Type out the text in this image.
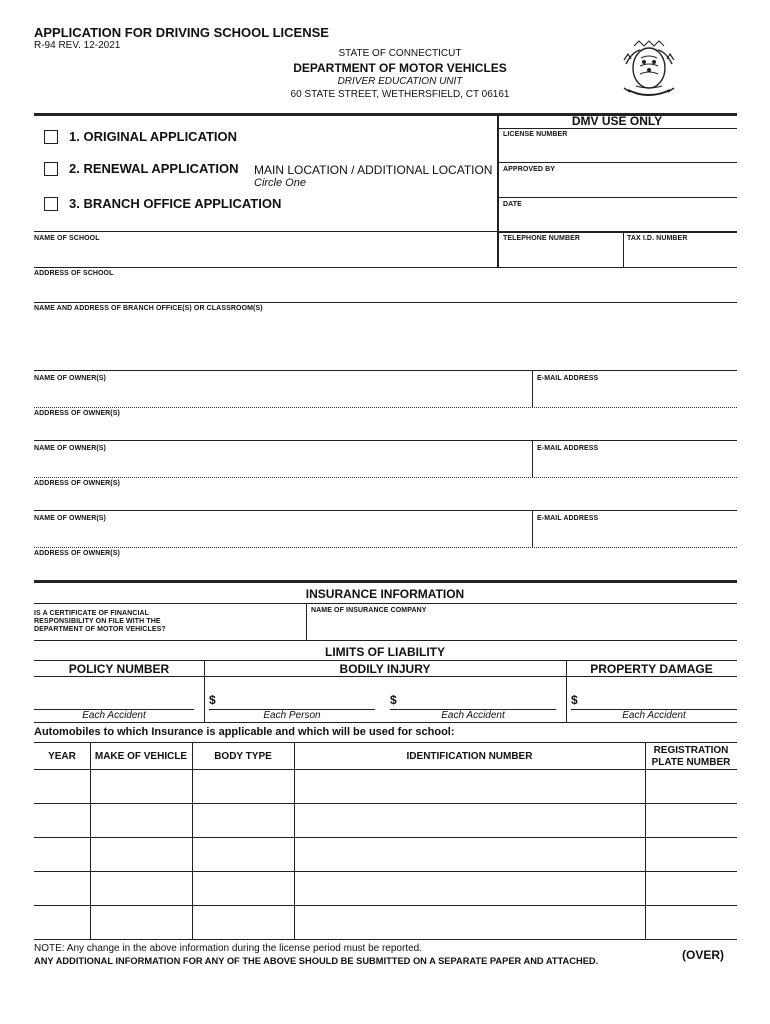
APPLICATION FOR DRIVING SCHOOL LICENSE
R-94 REV. 12-2021
STATE OF CONNECTICUT
DEPARTMENT OF MOTOR VEHICLES
DRIVER EDUCATION UNIT
60 STATE STREET, WETHERSFIELD, CT 06161
1. ORIGINAL APPLICATION
2. RENEWAL APPLICATION MAIN LOCATION / ADDITIONAL LOCATION
Circle One
3. BRANCH OFFICE APPLICATION
DMV USE ONLY
LICENSE NUMBER
APPROVED BY
DATE
NAME OF SCHOOL	TELEPHONE NUMBER	TAX I.D. NUMBER
ADDRESS OF SCHOOL
NAME AND ADDRESS OF BRANCH OFFICE(S) OR CLASSROOM(S)
NAME OF OWNER(S)	E-MAIL ADDRESS
ADDRESS OF OWNER(S)
NAME OF OWNER(S)	E-MAIL ADDRESS
ADDRESS OF OWNER(S)
NAME OF OWNER(S)	E-MAIL ADDRESS
ADDRESS OF OWNER(S)
INSURANCE INFORMATION
IS A CERTIFICATE OF FINANCIAL
RESPONSIBILITY ON FILE WITH THE
DEPARTMENT OF MOTOR VEHICLES?
NAME OF INSURANCE COMPANY
LIMITS OF LIABILITY
POLICY NUMBER	BODILY INJURY	PROPERTY DAMAGE
Each Accident
$
Each Person
$
Each Accident
$
Each Accident
Automobiles to which Insurance is applicable and which will be used for school:
YEAR	MAKE OF VEHICLE	BODY TYPE	IDENTIFICATION NUMBER
REGISTRATION
PLATE NUMBER
NOTE: Any change in the above information during the license period must be reported.
ANY ADDITIONAL INFORMATION FOR ANY OF THE ABOVE SHOULD BE SUBMITTED ON A SEPARATE PAPER AND ATTACHED.	(OVER)
